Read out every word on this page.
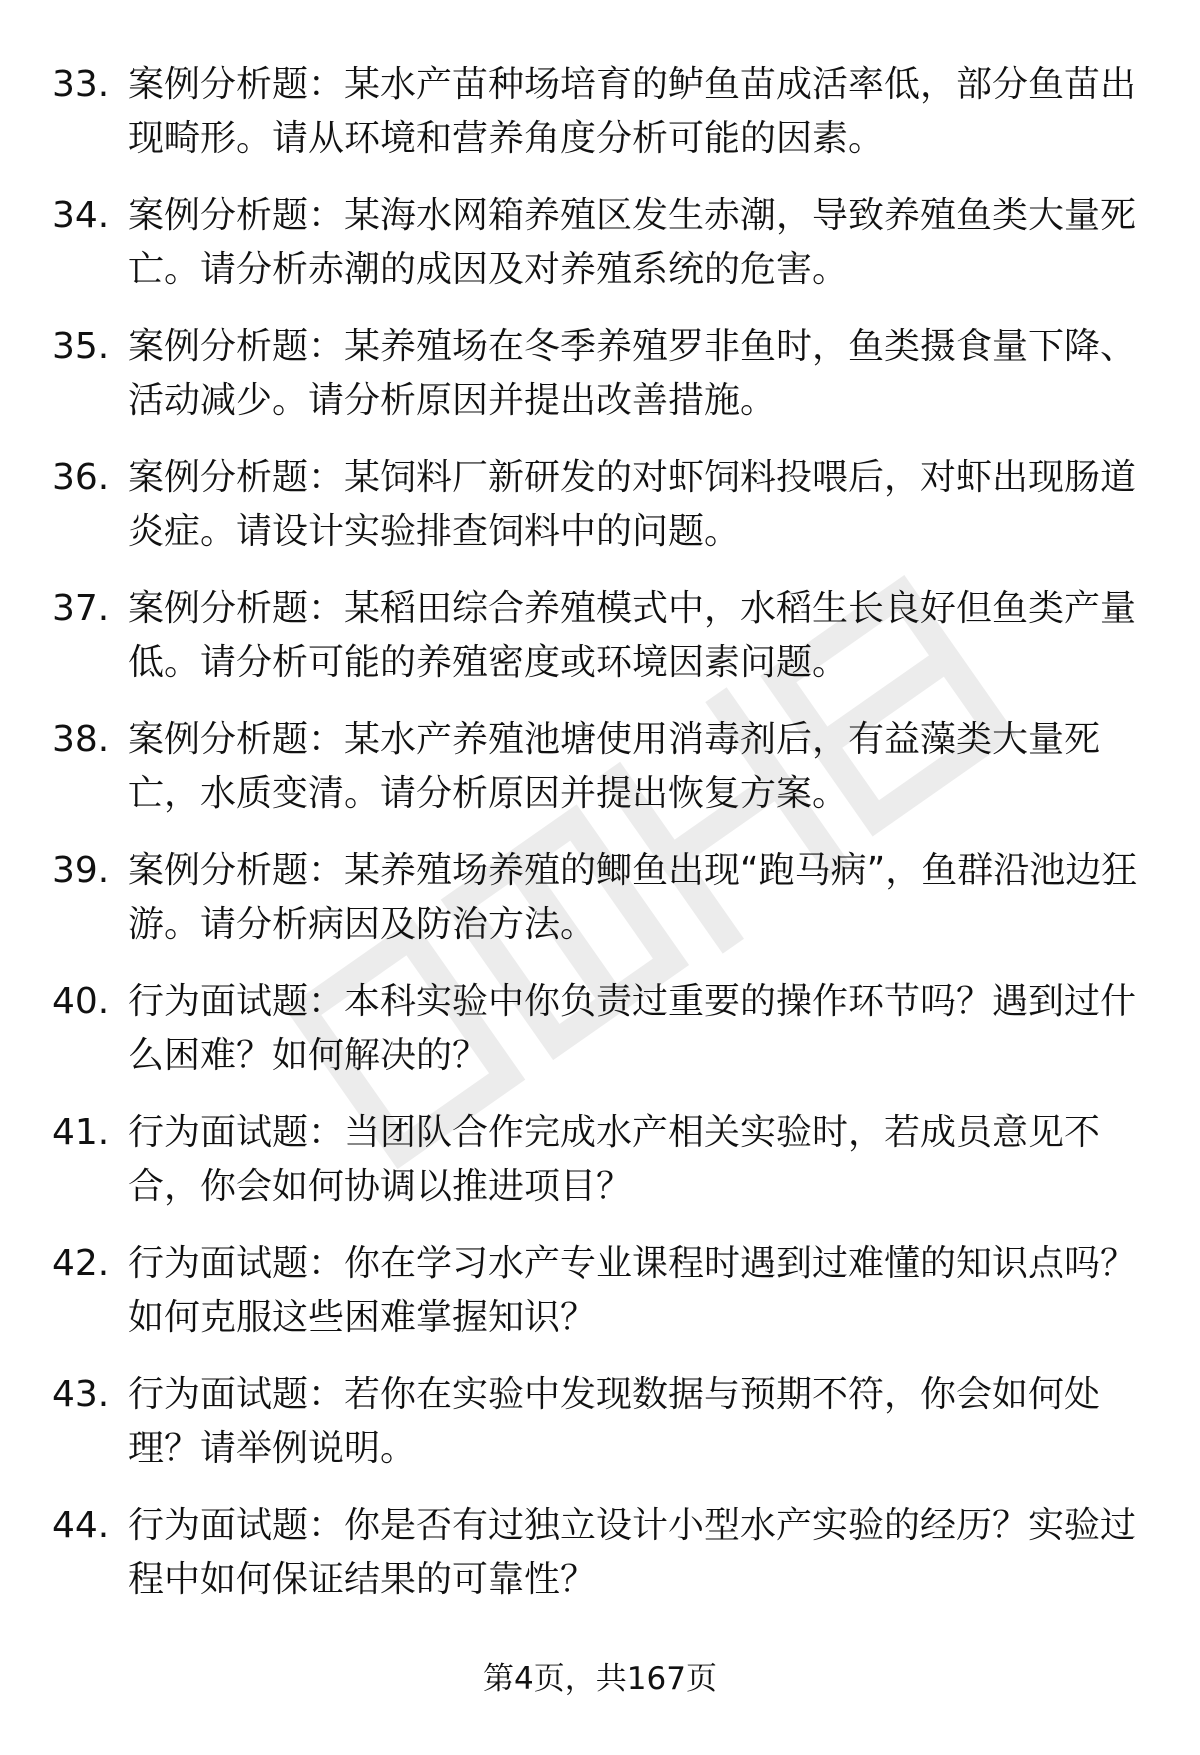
33. 案例分析题：某水产苗种场培育的鲈鱼苗成活率低，部分鱼苗出现畸形。请从环境和营养角度分析可能的因素。
34. 案例分析题：某海水网箱养殖区发生赤潮，导致养殖鱼类大量死亡。请分析赤潮的成因及对养殖系统的危害。
35. 案例分析题：某养殖场在冬季养殖罗非鱼时，鱼类摄食量下降、活动减少。请分析原因并提出改善措施。
36. 案例分析题：某饲料厂新研发的对虾饲料投喂后，对虾出现肠道炎症。请设计实验排查饲料中的问题。
37. 案例分析题：某稻田综合养殖模式中，水稻生长良好但鱼类产量低。请分析可能的养殖密度或环境因素问题。
38. 案例分析题：某水产养殖池塘使用消毒剂后，有益藻类大量死亡，水质变清。请分析原因并提出恢复方案。
39. 案例分析题：某养殖场养殖的鲫鱼出现“跑马病”，鱼群沿池边狂游。请分析病因及防治方法。
40. 行为面试题：本科实验中你负责过重要的操作环节吗？遇到过什么困难？如何解决的？
41. 行为面试题：当团队合作完成水产相关实验时，若成员意见不合，你会如何协调以推进项目？
42. 行为面试题：你在学习水产专业课程时遇到过难懂的知识点吗？如何克服这些困难掌握知识？
43. 行为面试题：若你在实验中发现数据与预期不符，你会如何处理？请举例说明。
44. 行为面试题：你是否有过独立设计小型水产实验的经历？实验过程中如何保证结果的可靠性？
第4页，共167页
